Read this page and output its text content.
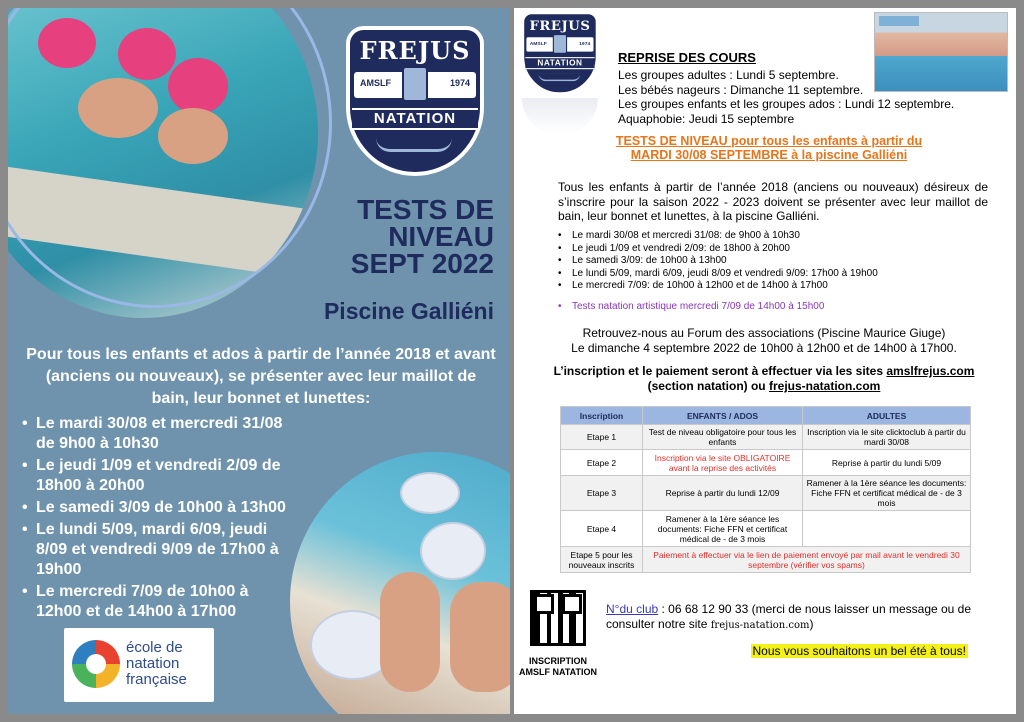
FREJUS
AMSLF	1974
NATATION
TESTS DE
NIVEAU
SEPT 2022
Piscine Galliéni
Pour tous les enfants et ados à partir de l’année 2018 et avant (anciens ou nouveaux), se présenter avec leur maillot de bain, leur bonnet et lunettes:
• Le mardi 30/08 et mercredi 31/08 de 9h00 à 10h30
• Le jeudi 1/09 et vendredi 2/09 de 18h00 à 20h00
• Le samedi 3/09 de 10h00 à 13h00
• Le lundi 5/09, mardi 6/09, jeudi 8/09 et vendredi 9/09 de 17h00 à 19h00
• Le mercredi 7/09 de 10h00 à 12h00 et de 14h00 à 17h00
école de
natation
française
FREJUS
AMSLF	1974
NATATION	REPRISE DES COURS
Les groupes adultes : Lundi 5 septembre.
Les bébés nageurs : Dimanche 11 septembre.
Les groupes enfants et les groupes ados : Lundi 12 septembre.
Aquaphobie: Jeudi 15 septembre
TESTS DE NIVEAU pour tous les enfants à partir du
MARDI 30/08 SEPTEMBRE à la piscine Galliéni
Tous les enfants à partir de l’année 2018 (anciens ou nouveaux) désireux de s’inscrire pour la saison 2022 - 2023 doivent se présenter avec leur maillot de bain, leur bonnet et lunettes, à la piscine Galliéni.
• Le mardi 30/08 et mercredi 31/08: de 9h00 à 10h30
• Le jeudi 1/09 et vendredi 2/09: de 18h00 à 20h00
• Le samedi 3/09: de 10h00 à 13h00
• Le lundi 5/09, mardi 6/09, jeudi 8/09 et vendredi 9/09: 17h00 à 19h00
• Le mercredi 7/09: de 10h00 à 12h00 et de 14h00 à 17h00
• Tests natation artistique mercredi 7/09 de 14h00 à 15h00
Retrouvez-nous au Forum des associations (Piscine Maurice Giuge)
Le dimanche 4 septembre 2022 de 10h00 à 12h00 et de 14h00 à 17h00.
L’inscription et le paiement seront à effectuer via les sites amslfrejus.com
(section natation) ou frejus-natation.com
Inscription	ENFANTS / ADOS	ADULTES
Etape 1	Test de niveau obligatoire pour tous les enfants	Inscription via le site clicktoclub à partir du mardi 30/08
Etape 2	Inscription via le site OBLIGATOIRE avant la reprise des activités	Reprise à partir du lundi 5/09
Etape 3	Reprise à partir du lundi 12/09	Ramener à la 1ère séance les documents: Fiche FFN et certificat médical de - de 3 mois
Etape 4	Ramener à la 1ère séance les documents: Fiche FFN et certificat médical de - de 3 mois	
Etape 5 pour les nouveaux inscrits	Paiement à effectuer via le lien de paiement envoyé par mail avant le vendredi 30 septembre (vérifier vos spams)	
INSCRIPTION
AMSLF NATATION
N°du club : 06 68 12 90 33 (merci de nous laisser un message ou de consulter notre site frejus-natation.com)
Nous vous souhaitons un bel été à tous!
